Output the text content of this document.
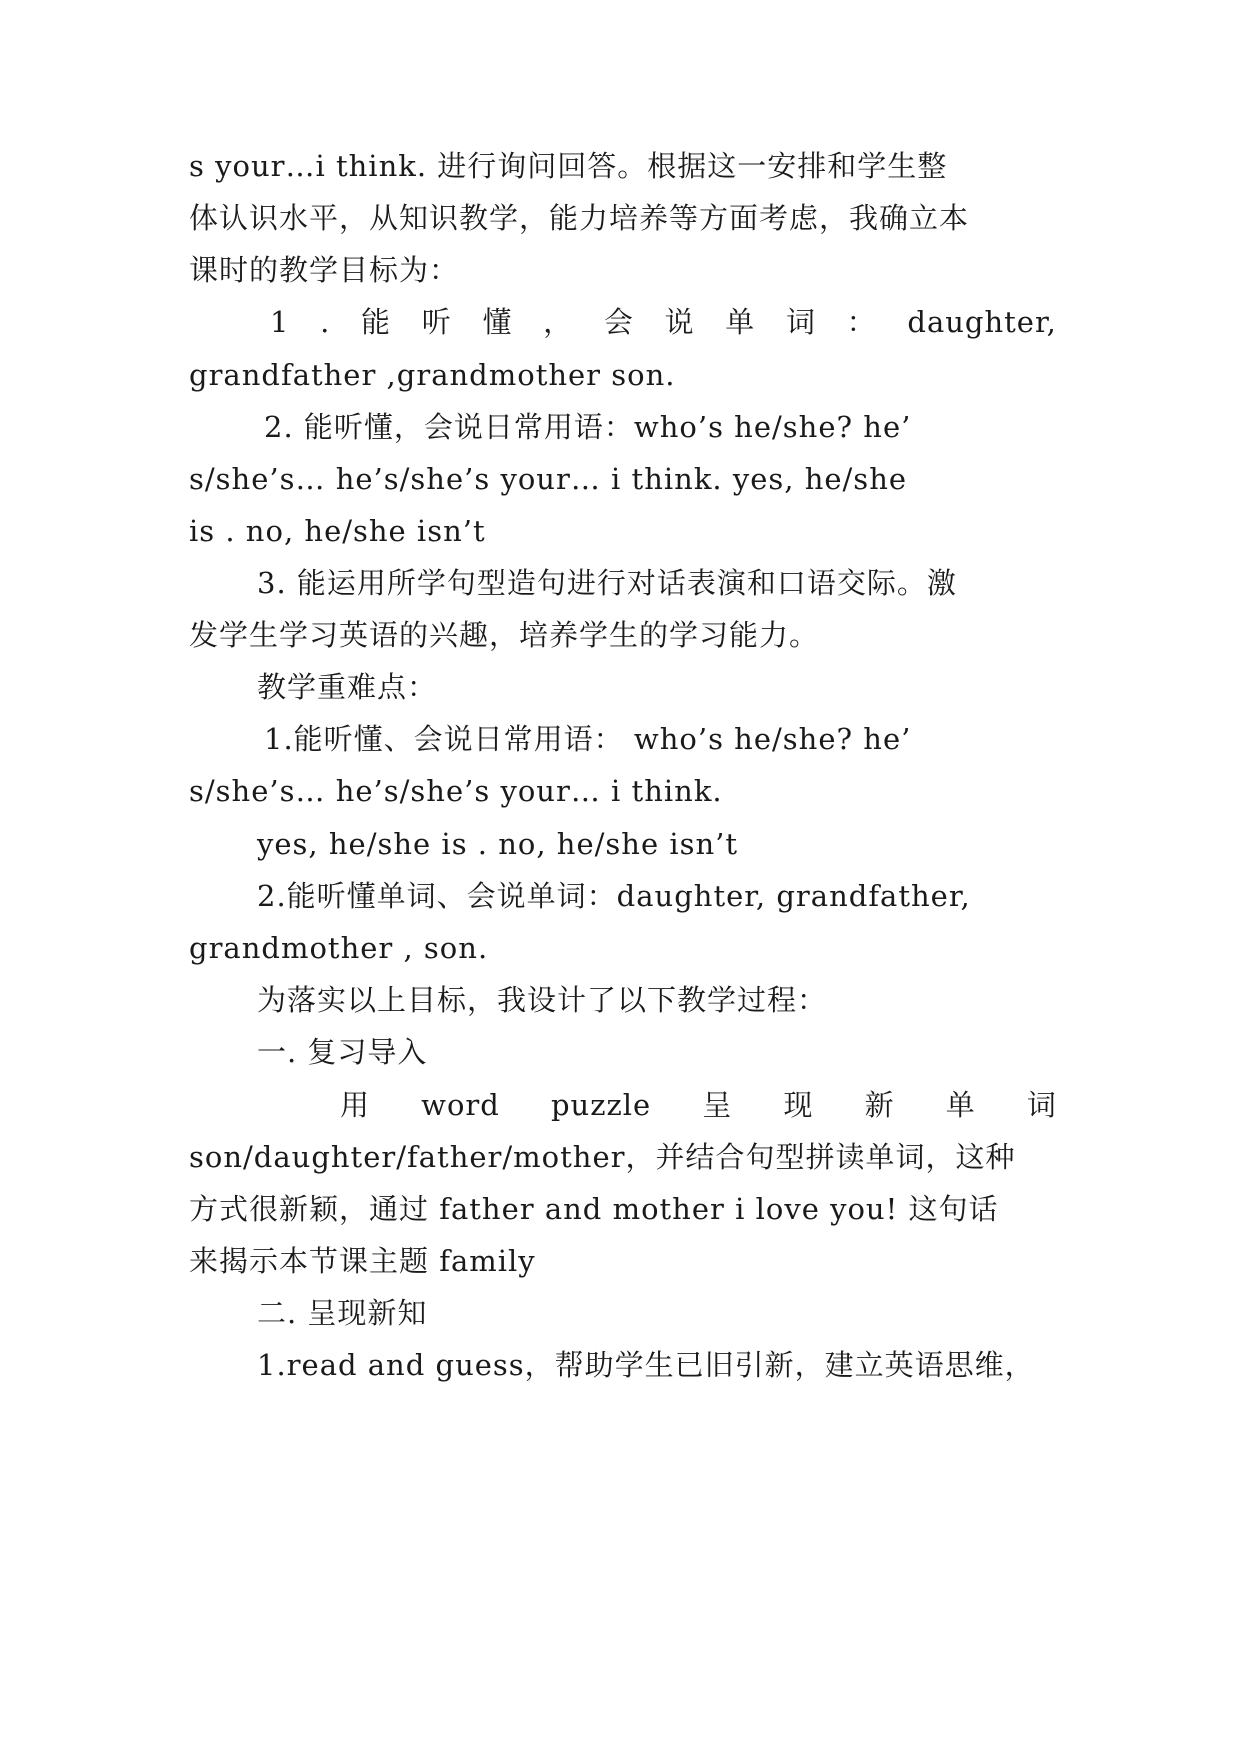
s your…i think. 进行询问回答。根据这一安排和学生整
体认识水平，从知识教学，能力培养等方面考虑，我确立本
课时的教学目标为：
1 . 能 听 懂 ， 会 说 单 词 ： daughter,
grandfather ,grandmother son.
2. 能听懂，会说日常用语：who’s he/she? he’
s/she’s… he’s/she’s your… i think. yes, he/she
is . no, he/she isn’t
3. 能运用所学句型造句进行对话表演和口语交际。激
发学生学习英语的兴趣，培养学生的学习能力。
教学重难点：
1.能听懂、会说日常用语： who’s he/she? he’
s/she’s… he’s/she’s your… i think.
yes, he/she is . no, he/she isn’t
2.能听懂单词、会说单词：daughter, grandfather,
grandmother , son.
为落实以上目标，我设计了以下教学过程：
一. 复习导入
用 word puzzle 呈 现 新 单 词
son/daughter/father/mother，并结合句型拼读单词，这种
方式很新颖，通过 father and mother i love you! 这句话
来揭示本节课主题 family
二. 呈现新知
1.read and guess，帮助学生已旧引新，建立英语思维，
